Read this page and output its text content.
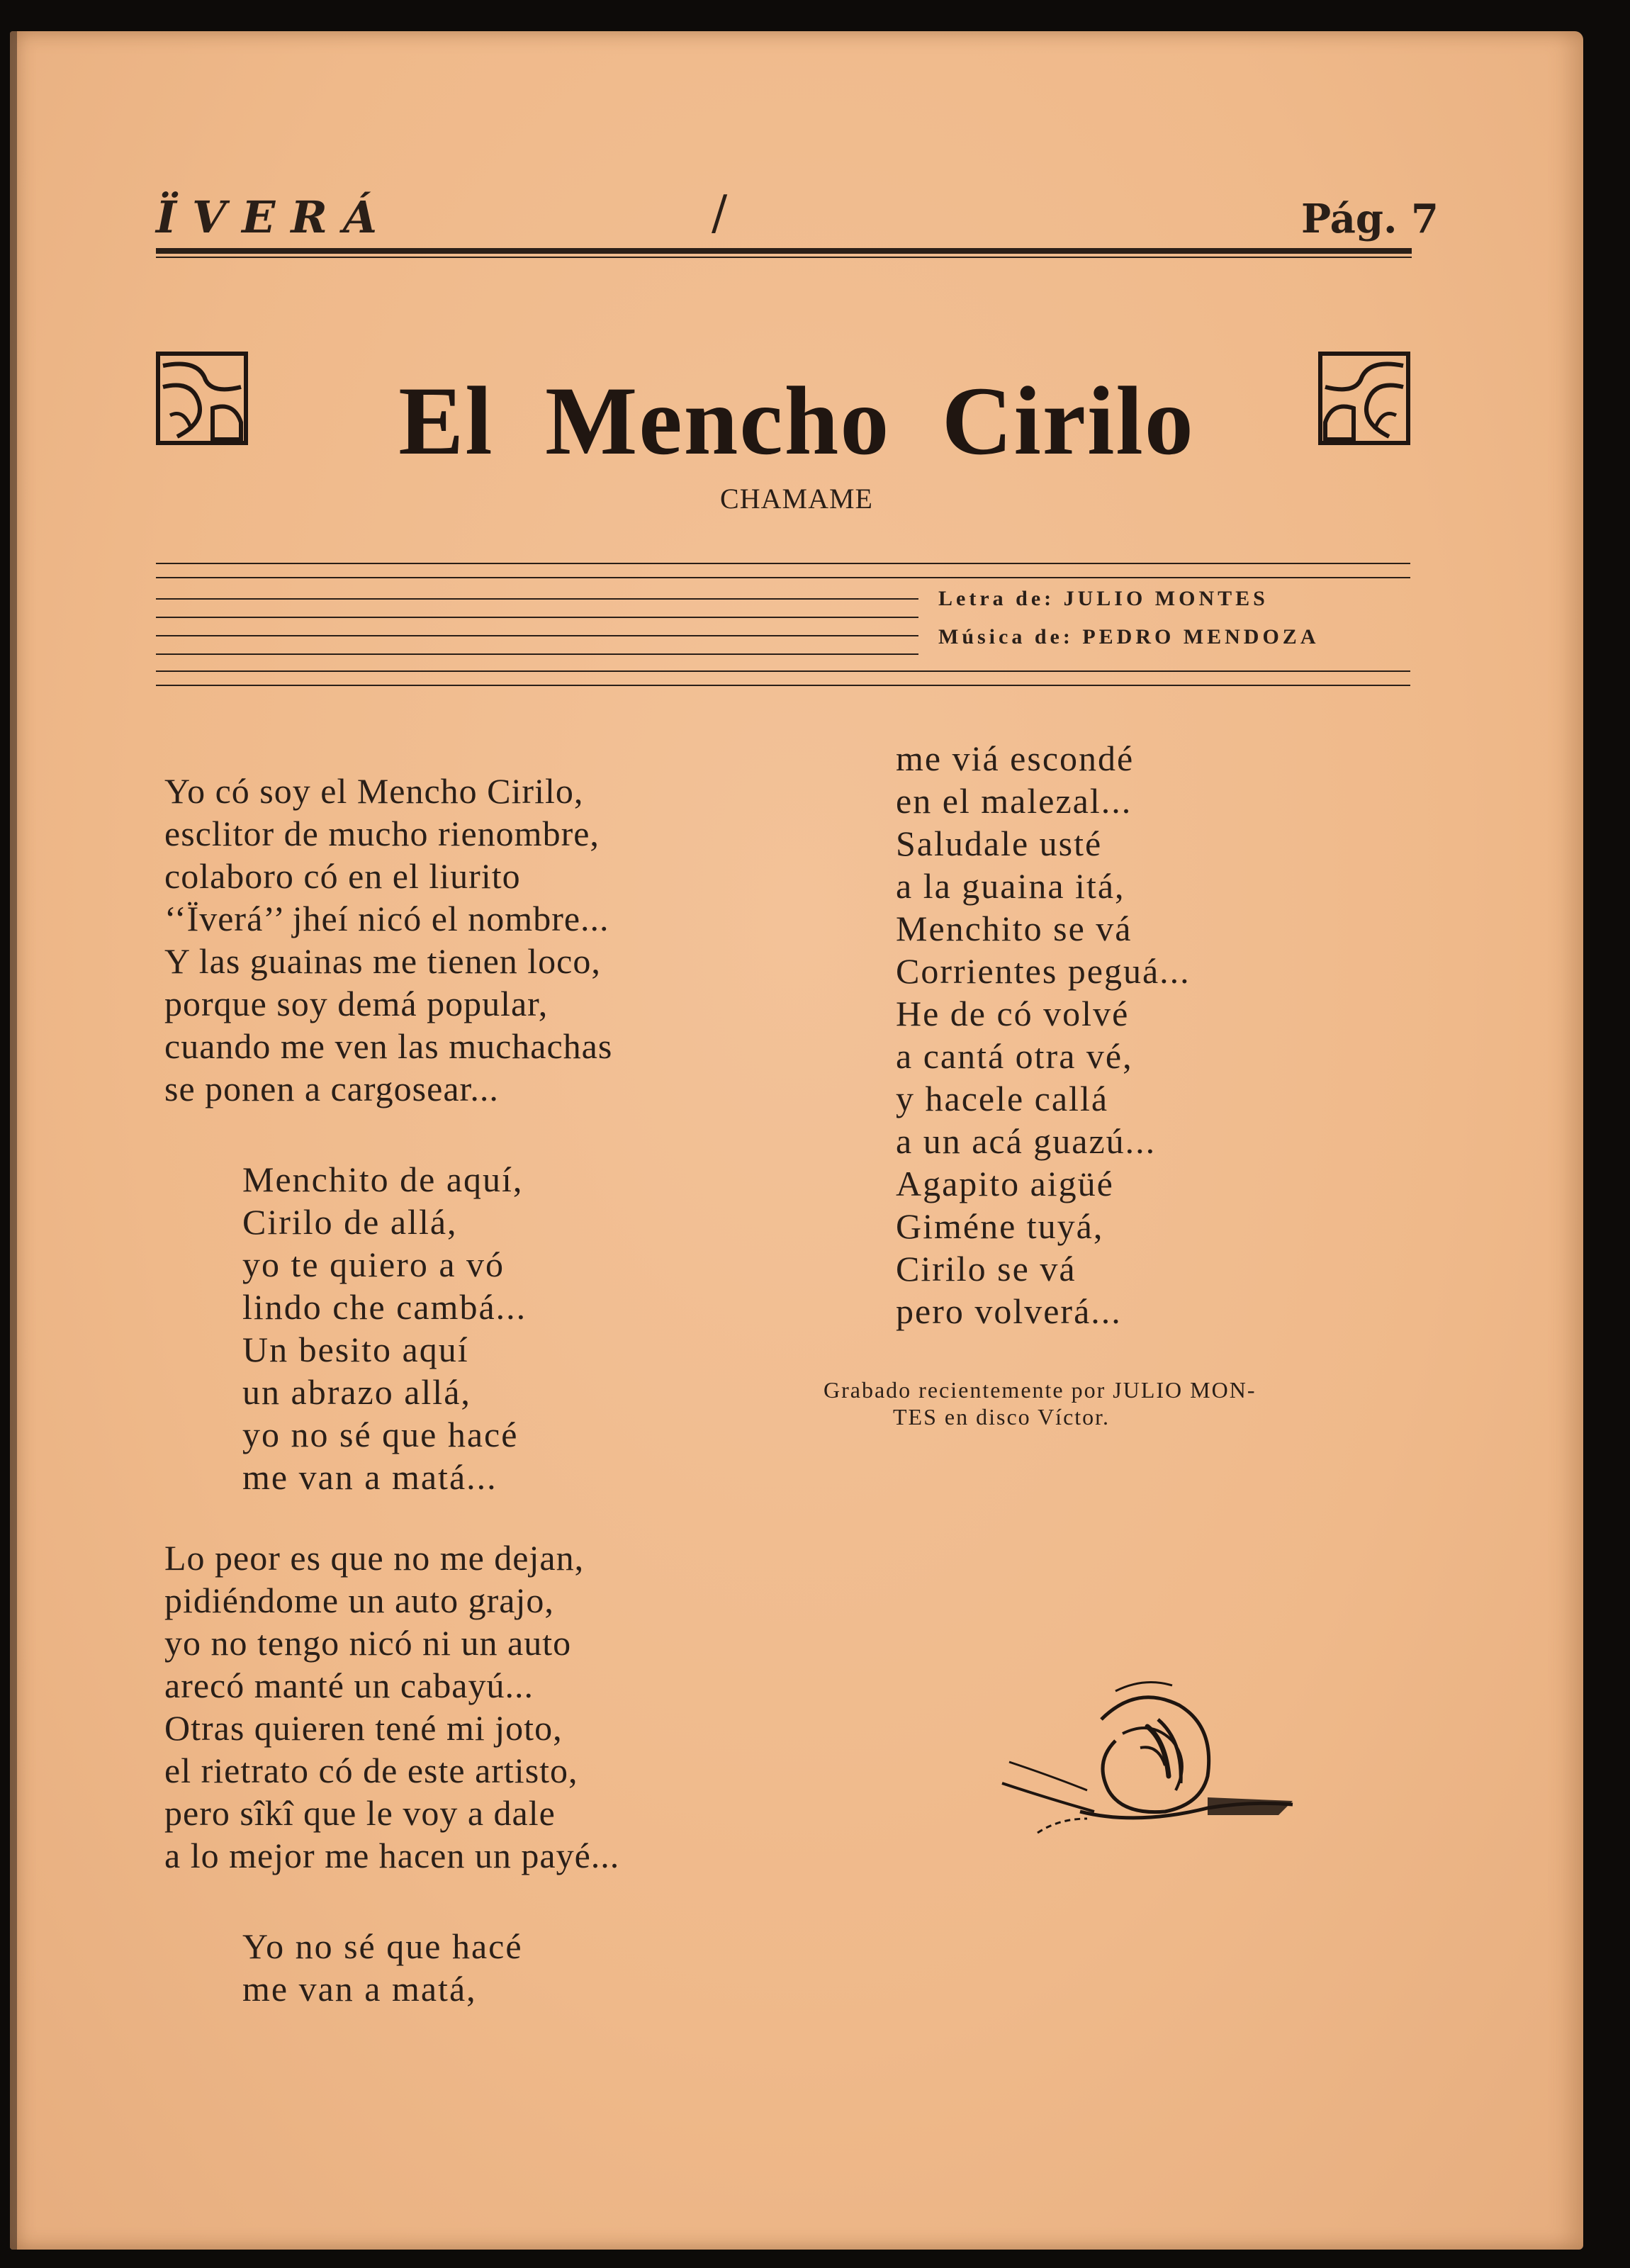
ÏVERÁ	/	Pág. 7
El Mencho Cirilo
CHAMAME
Letra de: JULIO MONTES
Música de: PEDRO MENDOZA
Yo có soy el Mencho Cirilo,
esclitor de mucho rienombre,
colaboro có en el liurito
‘‘Ïverá’’ jheí nicó el nombre...
Y las guainas me tienen loco,
porque soy demá popular,
cuando me ven las muchachas
se ponen a cargosear...
Menchito de aquí,
Cirilo de allá,
yo te quiero a vó
lindo che cambá...
Un besito aquí
un abrazo allá,
yo no sé que hacé
me van a matá...
Lo peor es que no me dejan,
pidiéndome un auto grajo,
yo no tengo nicó ni un auto
arecó manté un cabayú...
Otras quieren tené mi joto,
el rietrato có de este artisto,
pero sîkî que le voy a dale
a lo mejor me hacen un payé...
Yo no sé que hacé
me van a matá,
me viá escondé
en el malezal...
Saludale usté
a la guaina itá,
Menchito se vá
Corrientes peguá...
He de có volvé
a cantá otra vé,
y hacele callá
a un acá guazú...
Agapito aigüé
Giméne tuyá,
Cirilo se vá
pero volverá...
Grabado recientemente por JULIO MON-
TES en disco Víctor.
